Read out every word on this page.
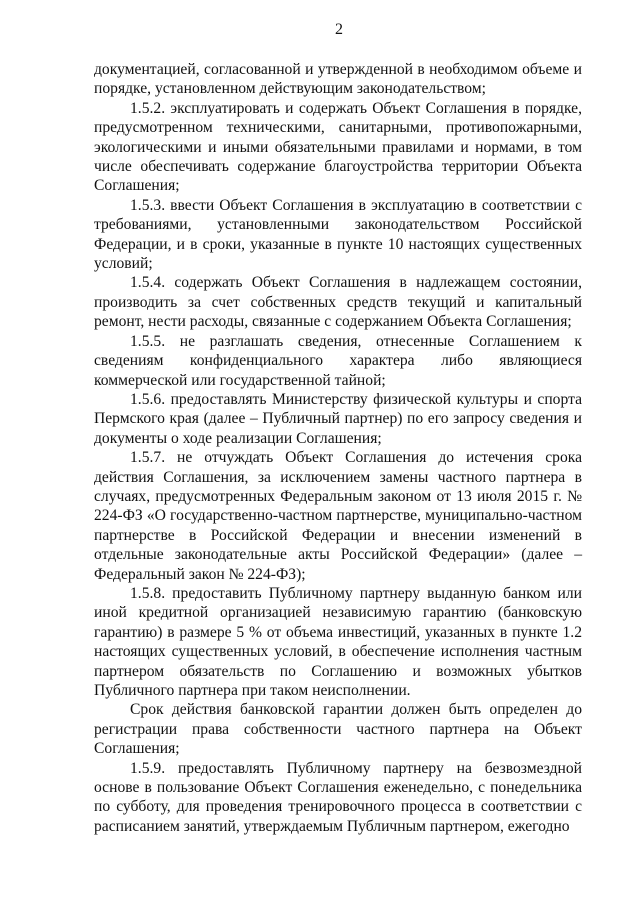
2

документацией, согласованной и утвержденной в необходимом объеме и порядке, установленном действующим законодательством;

1.5.2. эксплуатировать и содержать Объект Соглашения в порядке, предусмотренном техническими, санитарными, противопожарными, экологическими и иными обязательными правилами и нормами, в том числе обеспечивать содержание благоустройства территории Объекта Соглашения;

1.5.3. ввести Объект Соглашения в эксплуатацию в соответствии с требованиями, установленными законодательством Российской Федерации, и в сроки, указанные в пункте 10 настоящих существенных условий;

1.5.4. содержать Объект Соглашения в надлежащем состоянии, производить за счет собственных средств текущий и капитальный ремонт, нести расходы, связанные с содержанием Объекта Соглашения;

1.5.5. не разглашать сведения, отнесенные Соглашением к сведениям конфиденциального характера либо являющиеся коммерческой или государственной тайной;

1.5.6. предоставлять Министерству физической культуры и спорта Пермского края (далее – Публичный партнер) по его запросу сведения и документы о ходе реализации Соглашения;

1.5.7. не отчуждать Объект Соглашения до истечения срока действия Соглашения, за исключением замены частного партнера в случаях, предусмотренных Федеральным законом от 13 июля 2015 г. № 224-ФЗ «О государственно-частном партнерстве, муниципально-частном партнерстве в Российской Федерации и внесении изменений в отдельные законодательные акты Российской Федерации» (далее – Федеральный закон № 224-ФЗ);

1.5.8. предоставить Публичному партнеру выданную банком или иной кредитной организацией независимую гарантию (банковскую гарантию) в размере 5 % от объема инвестиций, указанных в пункте 1.2 настоящих существенных условий, в обеспечение исполнения частным партнером обязательств по Соглашению и возможных убытков Публичного партнера при таком неисполнении.

Срок действия банковской гарантии должен быть определен до регистрации права собственности частного партнера на Объект Соглашения;

1.5.9. предоставлять Публичному партнеру на безвозмездной основе в пользование Объект Соглашения еженедельно, с понедельника по субботу, для проведения тренировочного процесса в соответствии с расписанием занятий, утверждаемым Публичным партнером, ежегодно
